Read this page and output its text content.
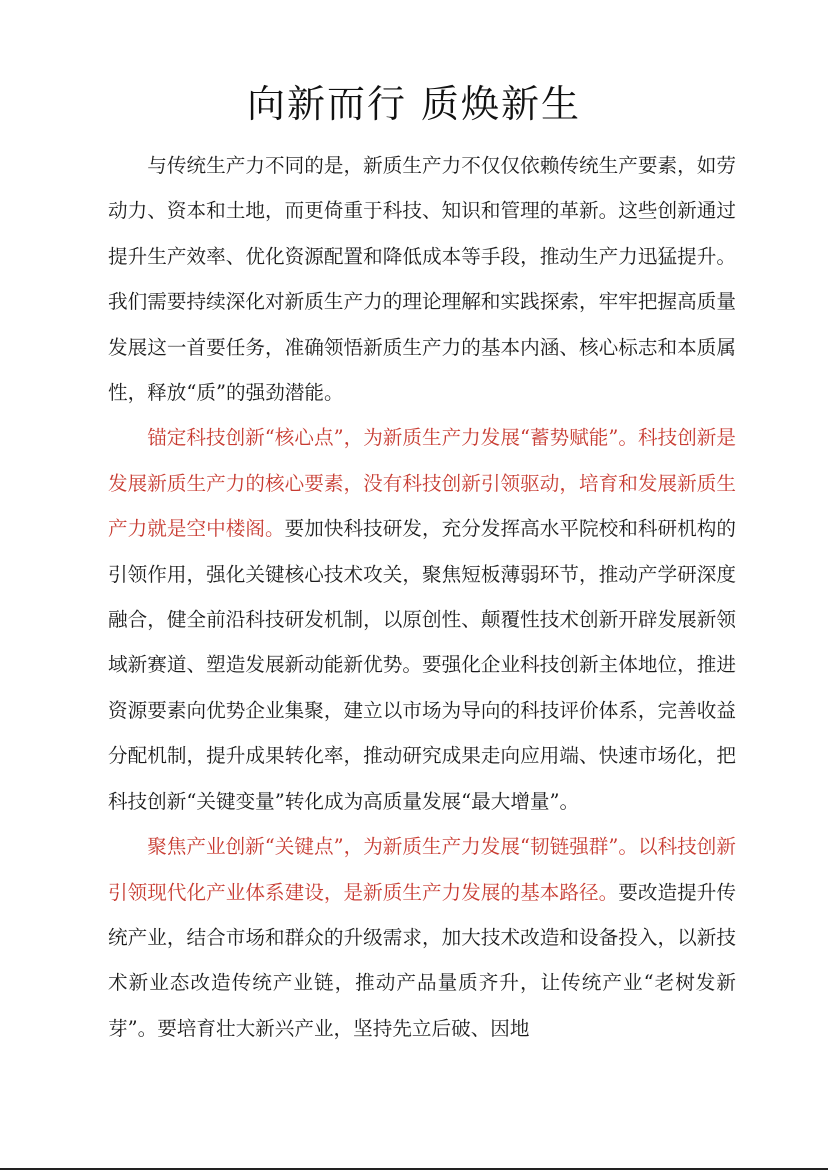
向新而行 质焕新生

与传统生产力不同的是，新质生产力不仅仅依赖传统生产要素，如劳动力、资本和土地，而更倚重于科技、知识和管理的革新。这些创新通过提升生产效率、优化资源配置和降低成本等手段，推动生产力迅猛提升。我们需要持续深化对新质生产力的理论理解和实践探索，牢牢把握高质量发展这一首要任务，准确领悟新质生产力的基本内涵、核心标志和本质属性，释放“质”的强劲潜能。

锚定科技创新“核心点”，为新质生产力发展“蓄势赋能”。科技创新是发展新质生产力的核心要素，没有科技创新引领驱动，培育和发展新质生产力就是空中楼阁。要加快科技研发，充分发挥高水平院校和科研机构的引领作用，强化关键核心技术攻关，聚焦短板薄弱环节，推动产学研深度融合，健全前沿科技研发机制，以原创性、颠覆性技术创新开辟发展新领域新赛道、塑造发展新动能新优势。要强化企业科技创新主体地位，推进资源要素向优势企业集聚，建立以市场为导向的科技评价体系，完善收益分配机制，提升成果转化率，推动研究成果走向应用端、快速市场化，把科技创新“关键变量”转化成为高质量发展“最大增量”。

聚焦产业创新“关键点”，为新质生产力发展“韧链强群”。以科技创新引领现代化产业体系建设，是新质生产力发展的基本路径。要改造提升传统产业，结合市场和群众的升级需求，加大技术改造和设备投入，以新技术新业态改造传统产业链，推动产品量质齐升，让传统产业“老树发新芽”。要培育壮大新兴产业，坚持先立后破、因地
